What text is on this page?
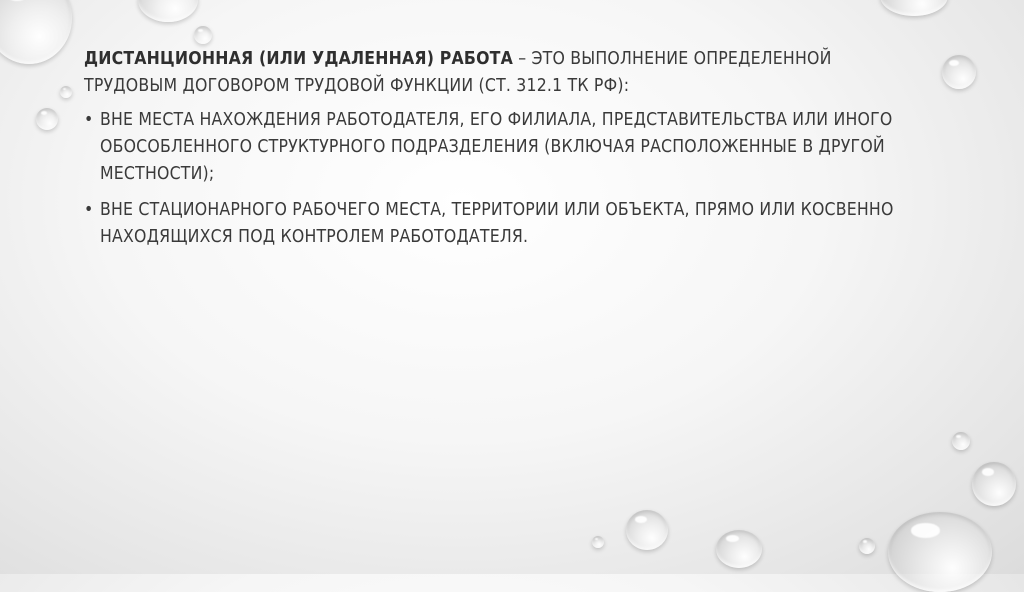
ДИСТАНЦИОННАЯ (ИЛИ УДАЛЕННАЯ) РАБОТА – ЭТО ВЫПОЛНЕНИЕ ОПРЕДЕЛЕННОЙ ТРУДОВЫМ ДОГОВОРОМ ТРУДОВОЙ ФУНКЦИИ (СТ. 312.1 ТК РФ):

• ВНЕ МЕСТА НАХОЖДЕНИЯ РАБОТОДАТЕЛЯ, ЕГО ФИЛИАЛА, ПРЕДСТАВИТЕЛЬСТВА ИЛИ ИНОГО ОБОСОБЛЕННОГО СТРУКТУРНОГО ПОДРАЗДЕЛЕНИЯ (ВКЛЮЧАЯ РАСПОЛОЖЕННЫЕ В ДРУГОЙ МЕСТНОСТИ);
• ВНЕ СТАЦИОНАРНОГО РАБОЧЕГО МЕСТА, ТЕРРИТОРИИ ИЛИ ОБЪЕКТА, ПРЯМО ИЛИ КОСВЕННО НАХОДЯЩИХСЯ ПОД КОНТРОЛЕМ РАБОТОДАТЕЛЯ.
